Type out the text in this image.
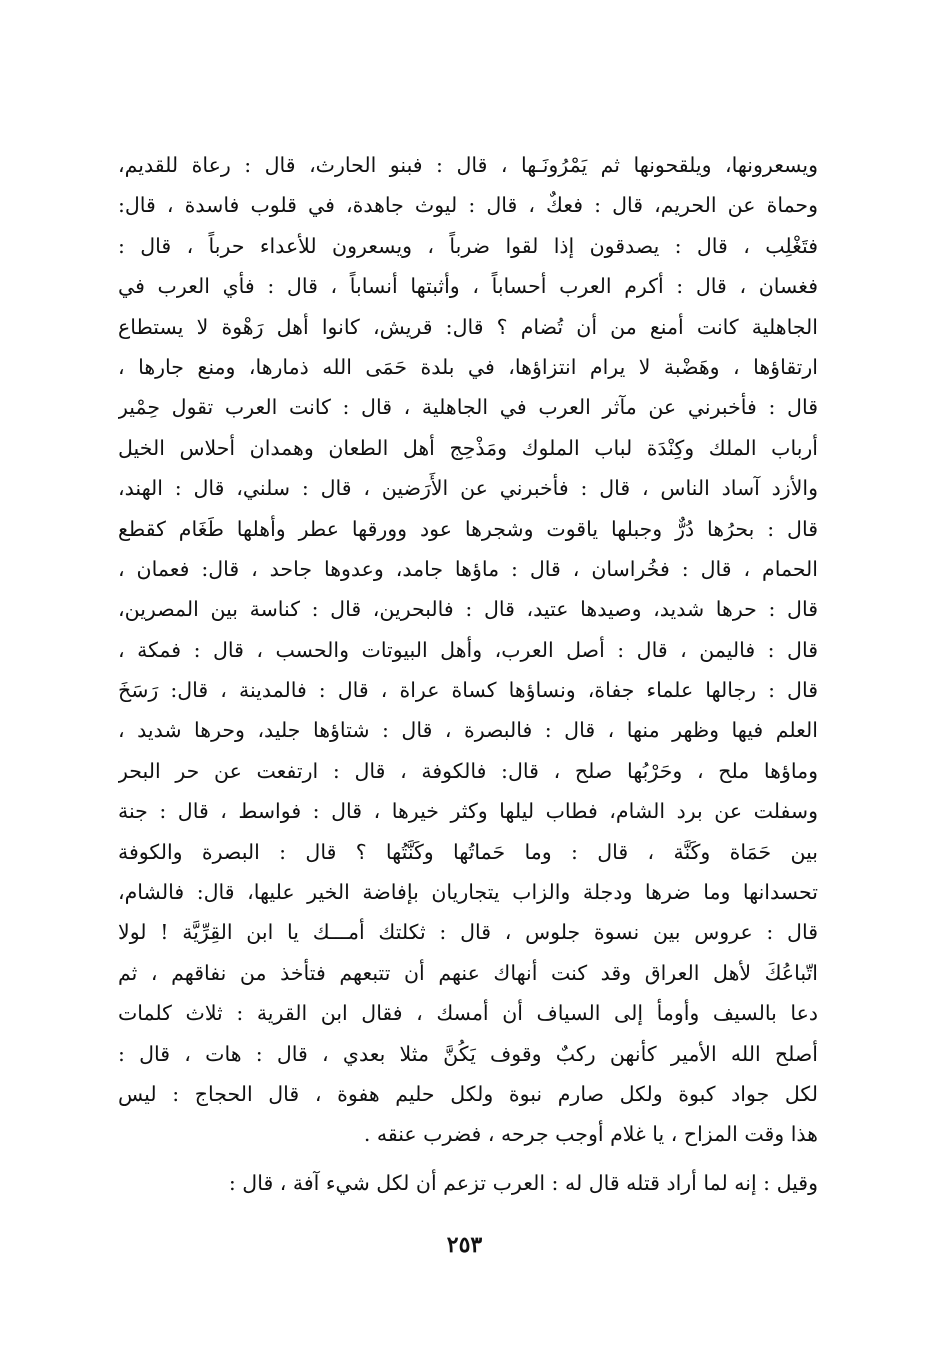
ويسعرونها، ويلقحونها ثم يَمْرُونَـها ، قال : فبنو الحارث، قال : رعاة للقديم،
وحماة عن الحريم، قال : فعكٌ ، قال : ليوث جاهدة، في قلوب فاسدة ، قال:
فتَغْلِب ، قال : يصدقون إذا لقوا ضرباً ، ويسعرون للأعداء حرباً ، قال :
فغسان ، قال : أكرم العرب أحساباً ، وأثبتها أنساباً ، قال : فأي العرب في
الجاهلية كانت أمنع من أن تُضام ؟ قال: قريش، كانوا أهل رَهْوة لا يستطاع
ارتقاؤها ، وهَضْبة لا يرام انتزاؤها، في بلدة حَمَى الله ذمارها، ومنع جارها ،
قال : فأخبرني عن مآثر العرب في الجاهلية ، قال : كانت العرب تقول حِمْير
أرباب الملك وكِنْدَة لباب الملوك ومَذْحِج أهل الطعان وهمدان أحلاس الخيل
والأزد آساد الناس ، قال : فأخبرني عن الأَرَضين ، قال : سلني، قال : الهند،
قال : بحرُها دُرٌّ وجبلها ياقوت وشجرها عود وورقها عطر وأهلها طَغَام كقطع
الحمام ، قال : فخُراسان ، قال : ماؤها جامد، وعدوها جاحد ، قال: فعمان ،
قال : حرها شديد، وصيدها عتيد، قال : فالبحرين، قال : كناسة بين المصرين،
قال : فاليمن ، قال : أصل العرب، وأهل البيوتات والحسب ، قال : فمكة ،
قال : رجالها علماء جفاة، ونساؤها كساة عراة ، قال : فالمدينة ، قال: رَسَخَ
العلم فيها وظهر منها ، قال : فالبصرة ، قال : شتاؤها جليد، وحرها شديد ،
وماؤها ملح ، وحَرْبُها صلح ، قال: فالكوفة ، قال : ارتفعت عن حر البحر
وسفلت عن برد الشام، فطاب ليلها وكثر خيرها ، قال : فواسط ، قال : جنة
بين حَمَاة وكَنَّة ، قال : وما حَماتُها وكَنَّتُها ؟ قال : البصرة والكوفة
تحسدانها وما ضرها ودجلة والزاب يتجاريان بإفاضة الخير عليها، قال: فالشام،
قال : عروس بين نسوة جلوس ، قال : ثكلتك أمـــك يا ابن القِرِّيَّة ! لولا
اتّباعُكَ لأهل العراق وقد كنت أنهاك عنهم أن تتبعهم فتأخذ من نفاقهم ، ثم
دعا بالسيف وأومأ إلى السياف أن أمسك ، فقال ابن القرية : ثلاث كلمات
أصلح الله الأمير كأنهن ركبٌ وقوف يَكُنَّ مثلا بعدي ، قال : هات ، قال :
لكل جواد كبوة ولكل صارم نبوة ولكل حليم هفوة ، قال الحجاج : ليس
هذا وقت المزاح ، يا غلام أوجب جرحه ، فضرب عنقه .
وقيل : إنه لما أراد قتله قال له : العرب تزعم أن لكل شيء آفة ، قال :
٢٥٣
